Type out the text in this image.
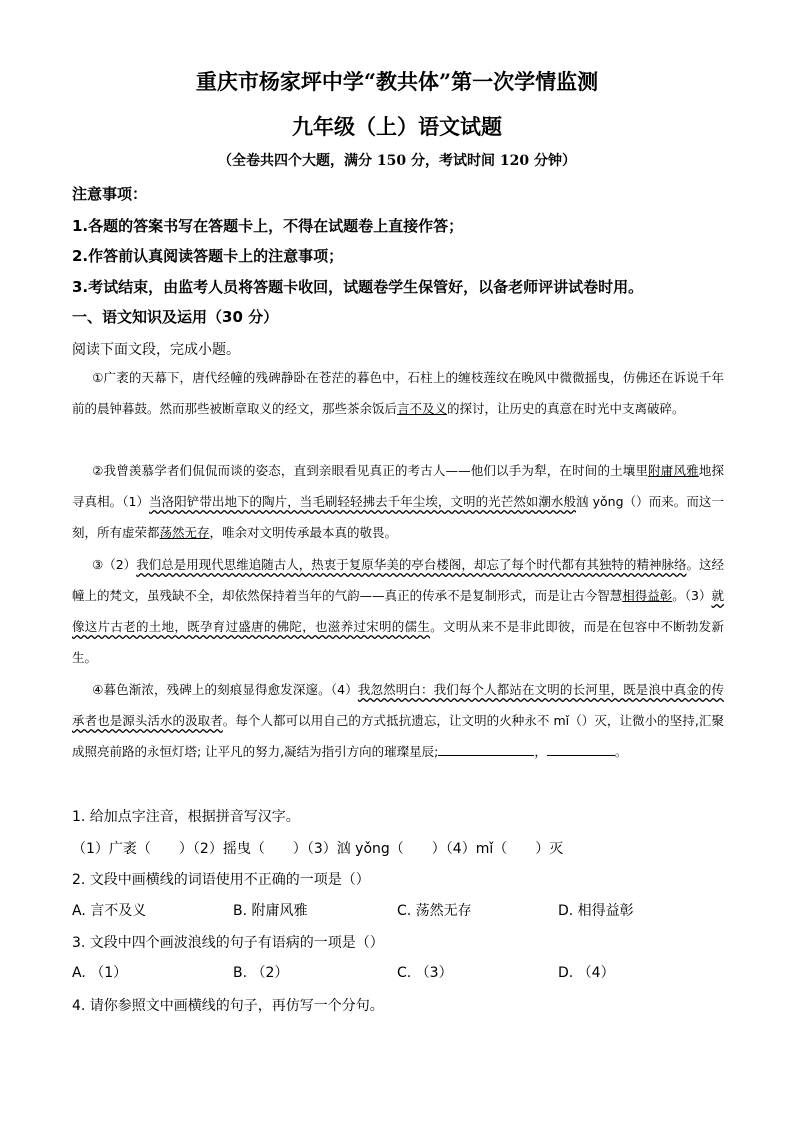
重庆市杨家坪中学“教共体”第一次学情监测
九年级（上）语文试题
（全卷共四个大题，满分 150 分，考试时间 120 分钟）
注意事项：
1.各题的答案书写在答题卡上，不得在试题卷上直接作答；
2.作答前认真阅读答题卡上的注意事项；
3.考试结束，由监考人员将答题卡收回，试题卷学生保管好，以备老师评讲试卷时用。
一、语文知识及运用（30 分）
阅读下面文段，完成小题。
①广袤的天幕下，唐代经幢的残碑静卧在苍茫的暮色中，石柱上的缠枝莲纹在晚风中微微摇曳，仿佛还在诉说千年前的晨钟暮鼓。然而那些被断章取义的经文，那些茶余饭后言不及义的探讨，让历史的真意在时光中支离破碎。
②我曾羡慕学者们侃侃而谈的姿态，直到亲眼看见真正的考古人——他们以手为犁，在时间的土壤里附庸风雅地探寻真相。（1）当洛阳铲带出地下的陶片，当毛刷轻轻拂去千年尘埃，文明的光芒然如潮水般汹 yǒng（）而来。而这一刻，所有虚荣都荡然无存，唯余对文明传承最本真的敬畏。
③（2）我们总是用现代思维追随古人，热衷于复原华美的亭台楼阁，却忘了每个时代都有其独特的精神脉络。这经幢上的梵文，虽残缺不全，却依然保持着当年的气韵——真正的传承不是复制形式，而是让古今智慧相得益彰。（3）就像这片古老的土地，既孕育过盛唐的佛陀，也滋养过宋明的儒生。文明从来不是非此即彼，而是在包容中不断勃发新生。
④暮色渐浓，残碑上的刻痕显得愈发深邃。（4）我忽然明白：我们每个人都站在文明的长河里，既是浪中真金的传承者也是源头活水的汲取者。每个人都可以用自己的方式抵抗遗忘，让文明的火种永不 mǐ（）灭，让微小的坚持,汇聚成照亮前路的永恒灯塔; 让平凡的努力,凝结为指引方向的璀璨星辰;	，	。
1. 给加点字注音，根据拼音写汉字。
（1）广袤（　　）（2）摇曳（　　）（3）汹 yǒng（　　）（4）mǐ（　　）灭
2. 文段中画横线的词语使用不正确的一项是（）
A. 言不及义	B. 附庸风雅	C. 荡然无存	D. 相得益彰
3. 文段中四个画波浪线的句子有语病的一项是（）
A. （1）	B. （2）	C. （3）	D. （4）
4. 请你参照文中画横线的句子，再仿写一个分句。
